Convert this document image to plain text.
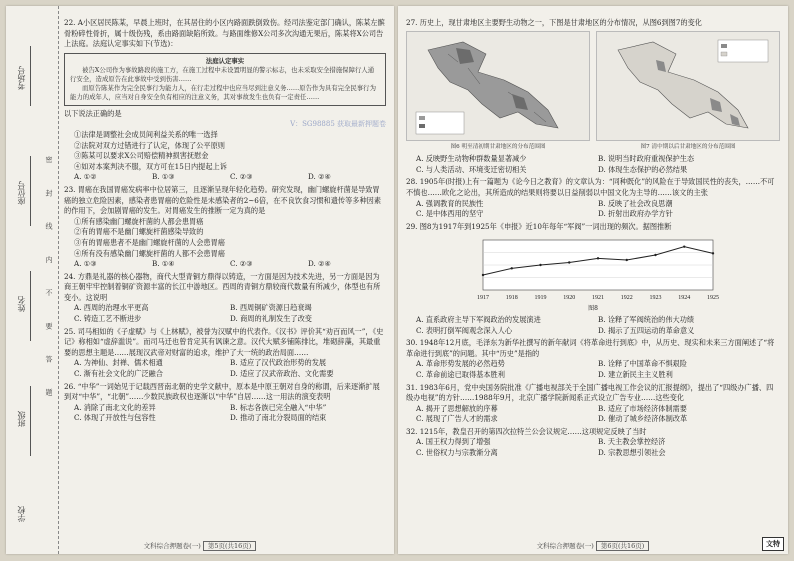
考场号
座位号
姓名
班级
学校
密 封 线 内 不 要 答 题

22. A小区居民陈某，早晨上班时，在其居住的小区内路面跌倒致伤。经司法鉴定部门确认，陈某左髌骨粉碎性骨折，属十级伤残，系由路面缺陷所致。与路面维修X公司多次沟通无果后，陈某将X公司告上法庭。法庭认定事实如下(节选)：

法庭认定事实

被告X公司作为事故路段的施工方，在施工过程中未设置明显的警示标志，也未采取安全措施保障行人通行安全，造成原告在此事故中受到伤害……

而原告陈某作为完全民事行为能力人，在行走过程中也应当尽到注意义务……原告作为具有完全民事行为能力的成年人，应当对自身安全负有相应的注意义务，其对事故发生也负有一定责任……

以下说法正确的是

V：SG98885 获取最新押题卷

①法律是调整社会成员间利益关系的唯一选择

②法院对双方过错进行了认定，体现了公平原则

③陈某可以要求X公司赔偿精神损害抚慰金

④如对本案判决不服，双方可在15日内提起上诉

A. ①②	B. ①③	C. ②③	D. ②④

23. 胃癌在我国胃癌发病率中位居第三，且逐渐呈现年轻化趋势。研究发现，幽门螺旋杆菌是导致胃癌的独立危险因素，感染者患胃癌的危险性是未感染者的2~6倍，在不良饮食习惯和遗传等多种因素的作用下，会加剧胃癌的发生。对胃癌发生的推断一定为真的是

①所有感染幽门螺旋杆菌的人都会患胃癌

②有的胃癌不是幽门螺旋杆菌感染导致的

③有的胃癌患者不是幽门螺旋杆菌的人会患胃癌

④所有没有感染幽门螺旋杆菌的人都不会患胃癌

A. ①③	B. ①④	C. ②③	D. ②④

24. 方鼎是礼器的核心器物，商代大型青铜方鼎得以铸造，一方面是因为技术先进，另一方面是因为商王朝牢牢控制着铜矿资源丰富的长江中游地区。西周的青铜方鼎较商代数量有所减少，体型也有所变小。这说明

A. 西周的治理水平更高	B. 西周铜矿资源日趋衰竭
C. 铸造工艺不断进步	D. 商周的礼制发生了改变

25. 司马相如的《子虚赋》与《上林赋》，被誉为汉赋中的代表作。《汉书》评价其“劝百而风一”，《史记》称相如“虚辞滥说”。而司马迁也曾肯定其有讽谏之意。汉代大赋多铺陈排比，堆砌辞藻，其最重要的思想主题是……展现汉武帝对财富的追求，维护了大一统的政治局面……

A. 为神仙、封禅、儒术相通	B. 适应了汉代政治形势的发展
C. 渐有社会文化的广泛融合	D. 适应了汉武帝政治、文化需要

26. “中华”一词始见于记载西晋南北朝的史学文献中，原本是中原王朝对自身的称谓，后来逐渐扩展到对“中华”，“北朝”……少数民族政权也逐渐以“中华”自居……这一用法的演变表明

A. 消除了南北文化的差异	B. 标志各族已完全融入“中华”
C. 体现了开放性与包容性	D. 推动了南北分裂局面的结束
文科综合押题卷(一) 第5页(共16页)

27. 历史上，现甘肃地区主要野生动物之一，下图是甘肃地区的分布情况，从图6到图7的变化

图6 明至清初期甘肃地区的分布范围图	图7 清中期以后甘肃地区的分布范围图
A. 反映野生动物种群数量显著减少	B. 说明当时政府重视保护生态
C. 与人类活动、环境变迁密切相关	D. 体现生态保护的必然结果

28. 1905年(时报)上有一篇题为《论今日之教育》的文章认为：“同种既化”的风险在于导致国民性的丧失，……不可不慎也……欧化之论出，其所造成的结果则将要以日益削弱以中国文化为主导的……该文的主张

A. 强调教育的民族性	B. 反映了社会改良思潮
C. 是中体西用的坚守	D. 折射出政府办学方针

29. 图8为1917年到1925年《申报》近10年每年“军阀”一词出现的频次。据图推断

1917	1918	1919	1920	1921	1922	1923	1924	1925
图8
A. 直系政府主导下军阀政治的发展演进	B. 诠释了军阀统治的伟大功绩
C. 表明打倒军阀观念深入人心	D. 揭示了五四运动的革命意义

30. 1948年12月底，毛泽东为新华社撰写的新年献词《将革命进行到底》中，从历史、现实和未来三方面阐述了“将革命进行到底”的问题。其中“历史”是指的

A. 革命形势发展的必然趋势	B. 诠释了中国革命不惧艰险
C. 革命前途已取得基本胜利	D. 建立新民主主义胜利

31. 1983年6月，党中央国务院批准《广播电视部关于全国广播电视工作会议的汇报提纲》，提出了“四级办广播、四级办电视”的方针……1988年9月，北京广播学院新闻系正式设立广告专业……这些变化

A. 揭开了思想解放的序幕	B. 适应了市场经济体制需要
C. 展现了广告人才的需求	D. 催动了城乡经济体制改革

32. 1215年，教皇召开的第四次拉特兰公会议规定……这项规定反映了当时

A. 国王权力得到了增强	B. 天主教会掌控经济
C. 世俗权力与宗教渐分离	D. 宗教思想引领社会
文科综合押题卷(一) 第6页(共16页)	文特
